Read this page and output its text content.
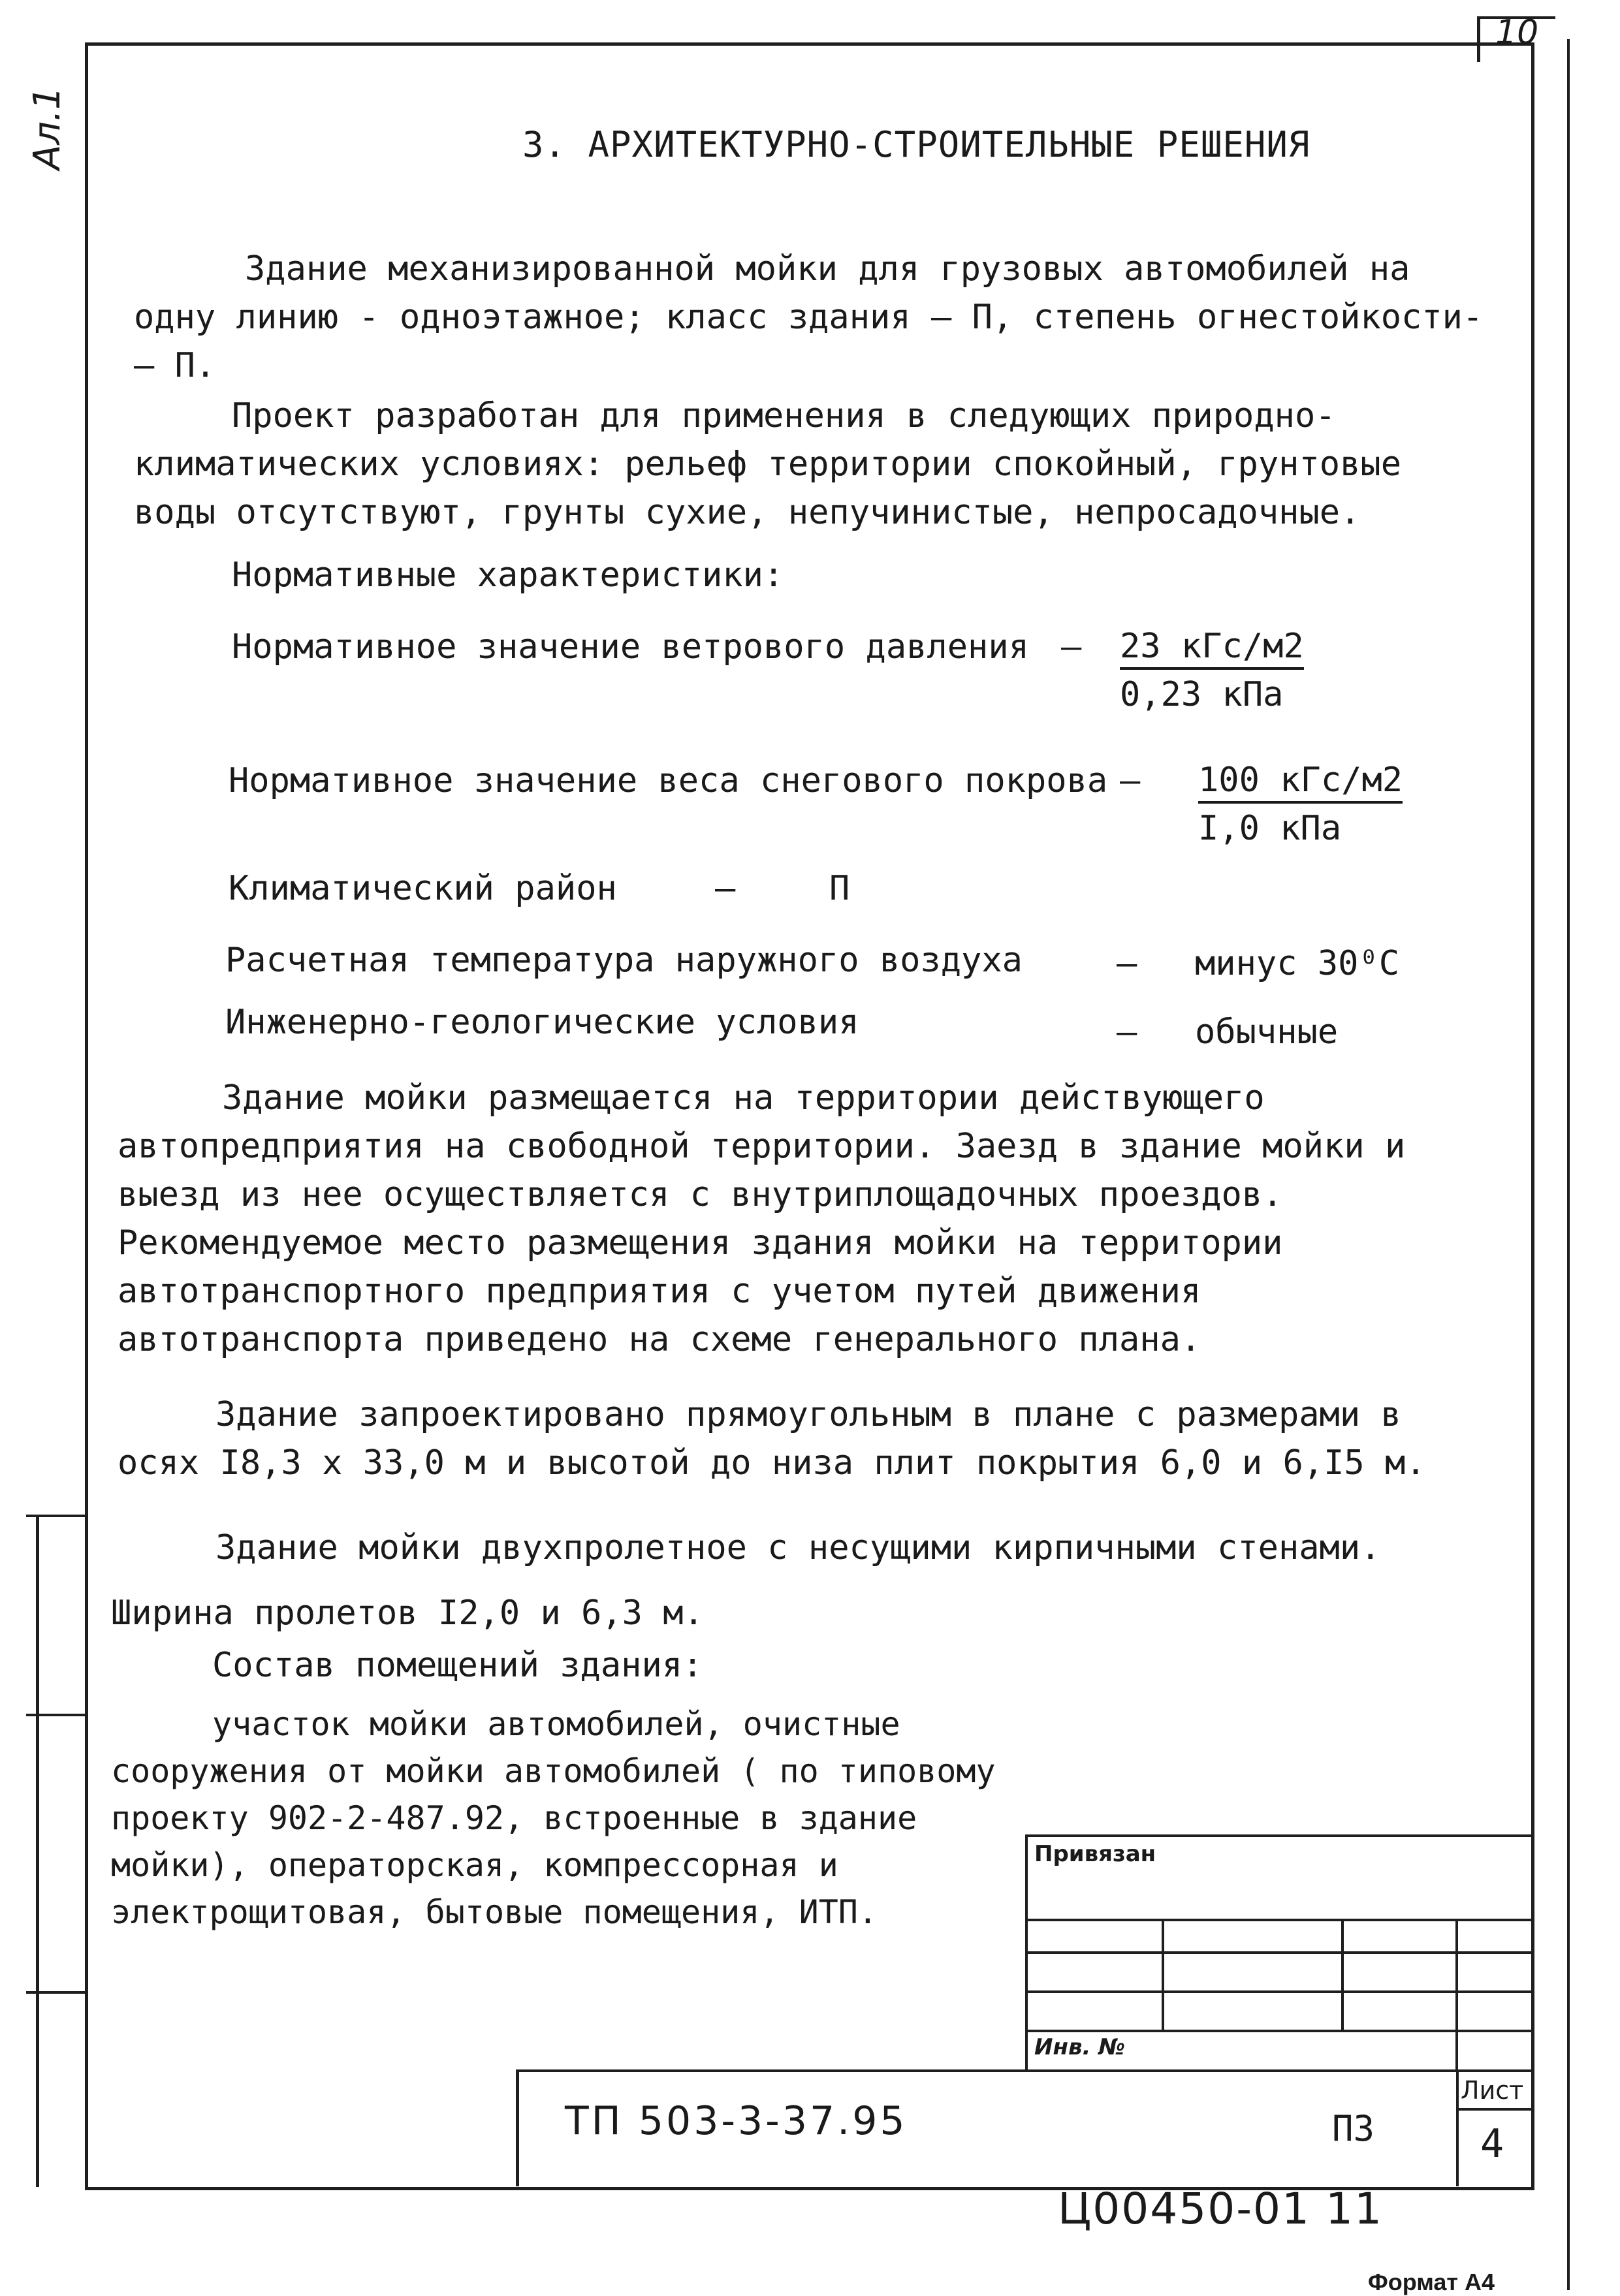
10
Ал.1	3. АРХИТЕКТУРНО-СТРОИТЕЛЬНЫЕ РЕШЕНИЯ
Здание механизированной мойки для грузовых автомобилей на одну линию - одноэтажное; класс здания – П, степень огнестойкости- – П.
Проект разработан для применения в следующих природно-климатических условиях: рельеф территории спокойный, грунтовые воды отсутствуют, грунты сухие, непучинистые, непросадочные.
Нормативные характеристики:
Нормативное значение ветрового давления – 23 кГс/м2
0,23 кПа
Нормативное значение веса снегового покрова – 100 кГс/м2
I,0 кПа
Климатический район	–	П
Расчетная температура наружного воздуха	– минус 30⁰С
Инженерно-геологические условия	– обычные
Здание мойки размещается на территории действующего автопредприятия на свободной территории. Заезд в здание мойки и выезд из нее осуществляется с внутриплощадочных проездов. Рекомендуемое место размещения здания мойки на территории автотранспортного предприятия с учетом путей движения автотранспорта приведено на схеме генерального плана.
Здание запроектировано прямоугольным в плане с размерами в осях I8,3 х 33,0 м и высотой до низа плит покрытия 6,0 и 6,I5 м.
Здание мойки двухпролетное с несущими кирпичными стенами.
Ширина пролетов I2,0 и 6,3 м.
Состав помещений здания:
участок мойки автомобилей, очистные сооружения от мойки автомобилей ( по типовому проекту 902-2-487.92, встроенные в здание мойки), операторская, компрессорная и электрощитовая, бытовые помещения, ИТП.
Привязан
Инв. №
ТП 503-3-37.95	ПЗ
Лист
4
Ц00450-01 11
Формат А4
